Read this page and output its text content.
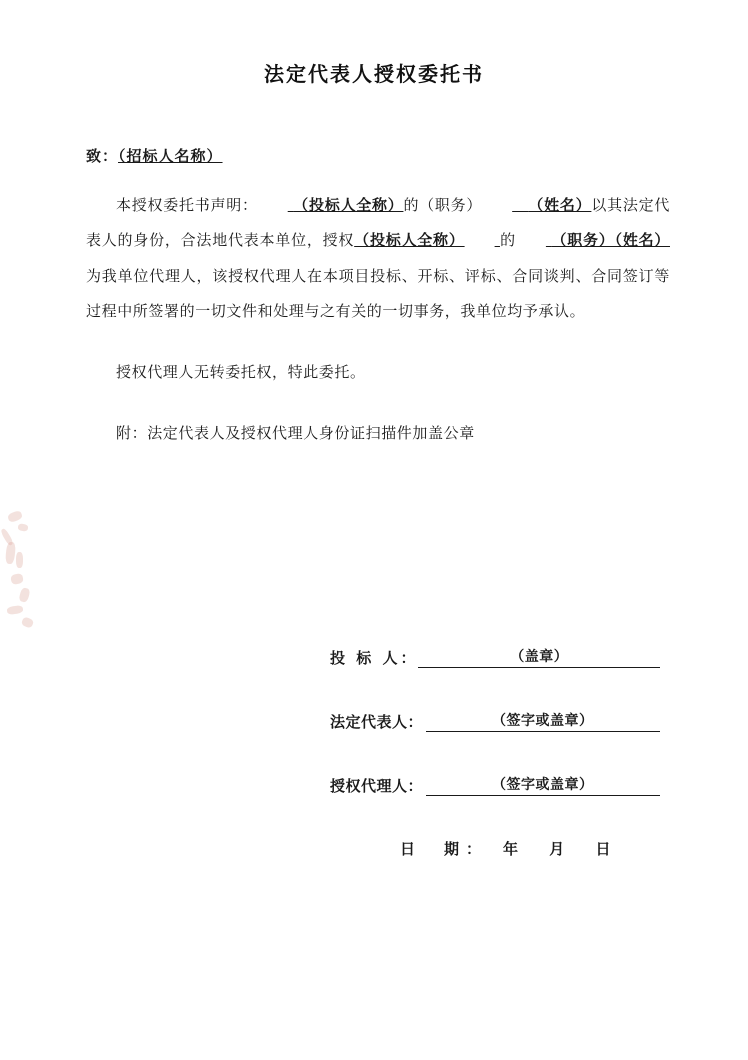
法定代表人授权委托书
致：（招标人名称）

本授权委托书声明： （投标人全称）的（职务）	（姓名）以其法定代表人的身份，合法地代表本单位，授权（投标人全称） 的 （职务）（姓名）为我单位代理人，该授权代理人在本项目投标、开标、评标、合同谈判、合同签订等过程中所签署的一切文件和处理与之有关的一切事务，我单位均予承认。

授权代理人无转委托权，特此委托。

附：法定代表人及授权代理人身份证扫描件加盖公章

投 标 人 ：	（盖章）
法定代表人 ：	（签字或盖章）
授权代理人 ：	（签字或盖章）
日　期 ： 年 月 日
